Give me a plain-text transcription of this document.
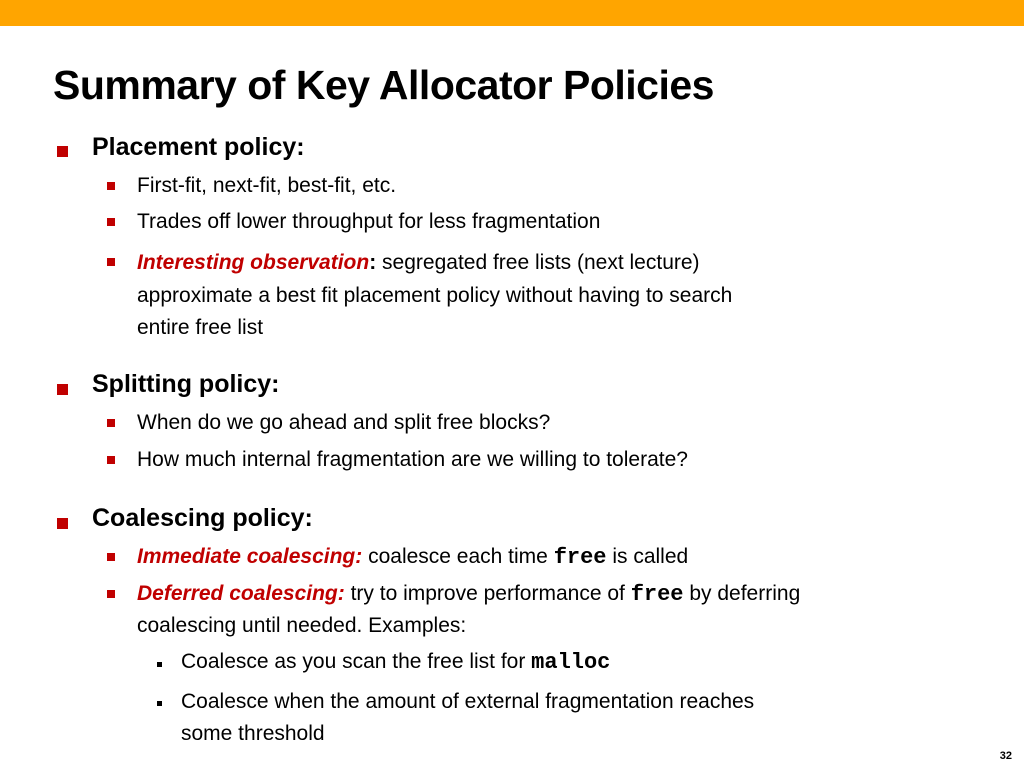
Summary of Key Allocator Policies
Placement policy:
First-fit, next-fit, best-fit, etc.
Trades off lower throughput for less fragmentation
Interesting observation: segregated free lists (next lecture)
approximate a best fit placement policy without having to search
entire free list
Splitting policy:
When do we go ahead and split free blocks?
How much internal fragmentation are we willing to tolerate?
Coalescing policy:
Immediate coalescing: coalesce each time free is called
Deferred coalescing: try to improve performance of free by deferring
coalescing until needed. Examples:
Coalesce as you scan the free list for malloc
Coalesce when the amount of external fragmentation reaches
some threshold
32
